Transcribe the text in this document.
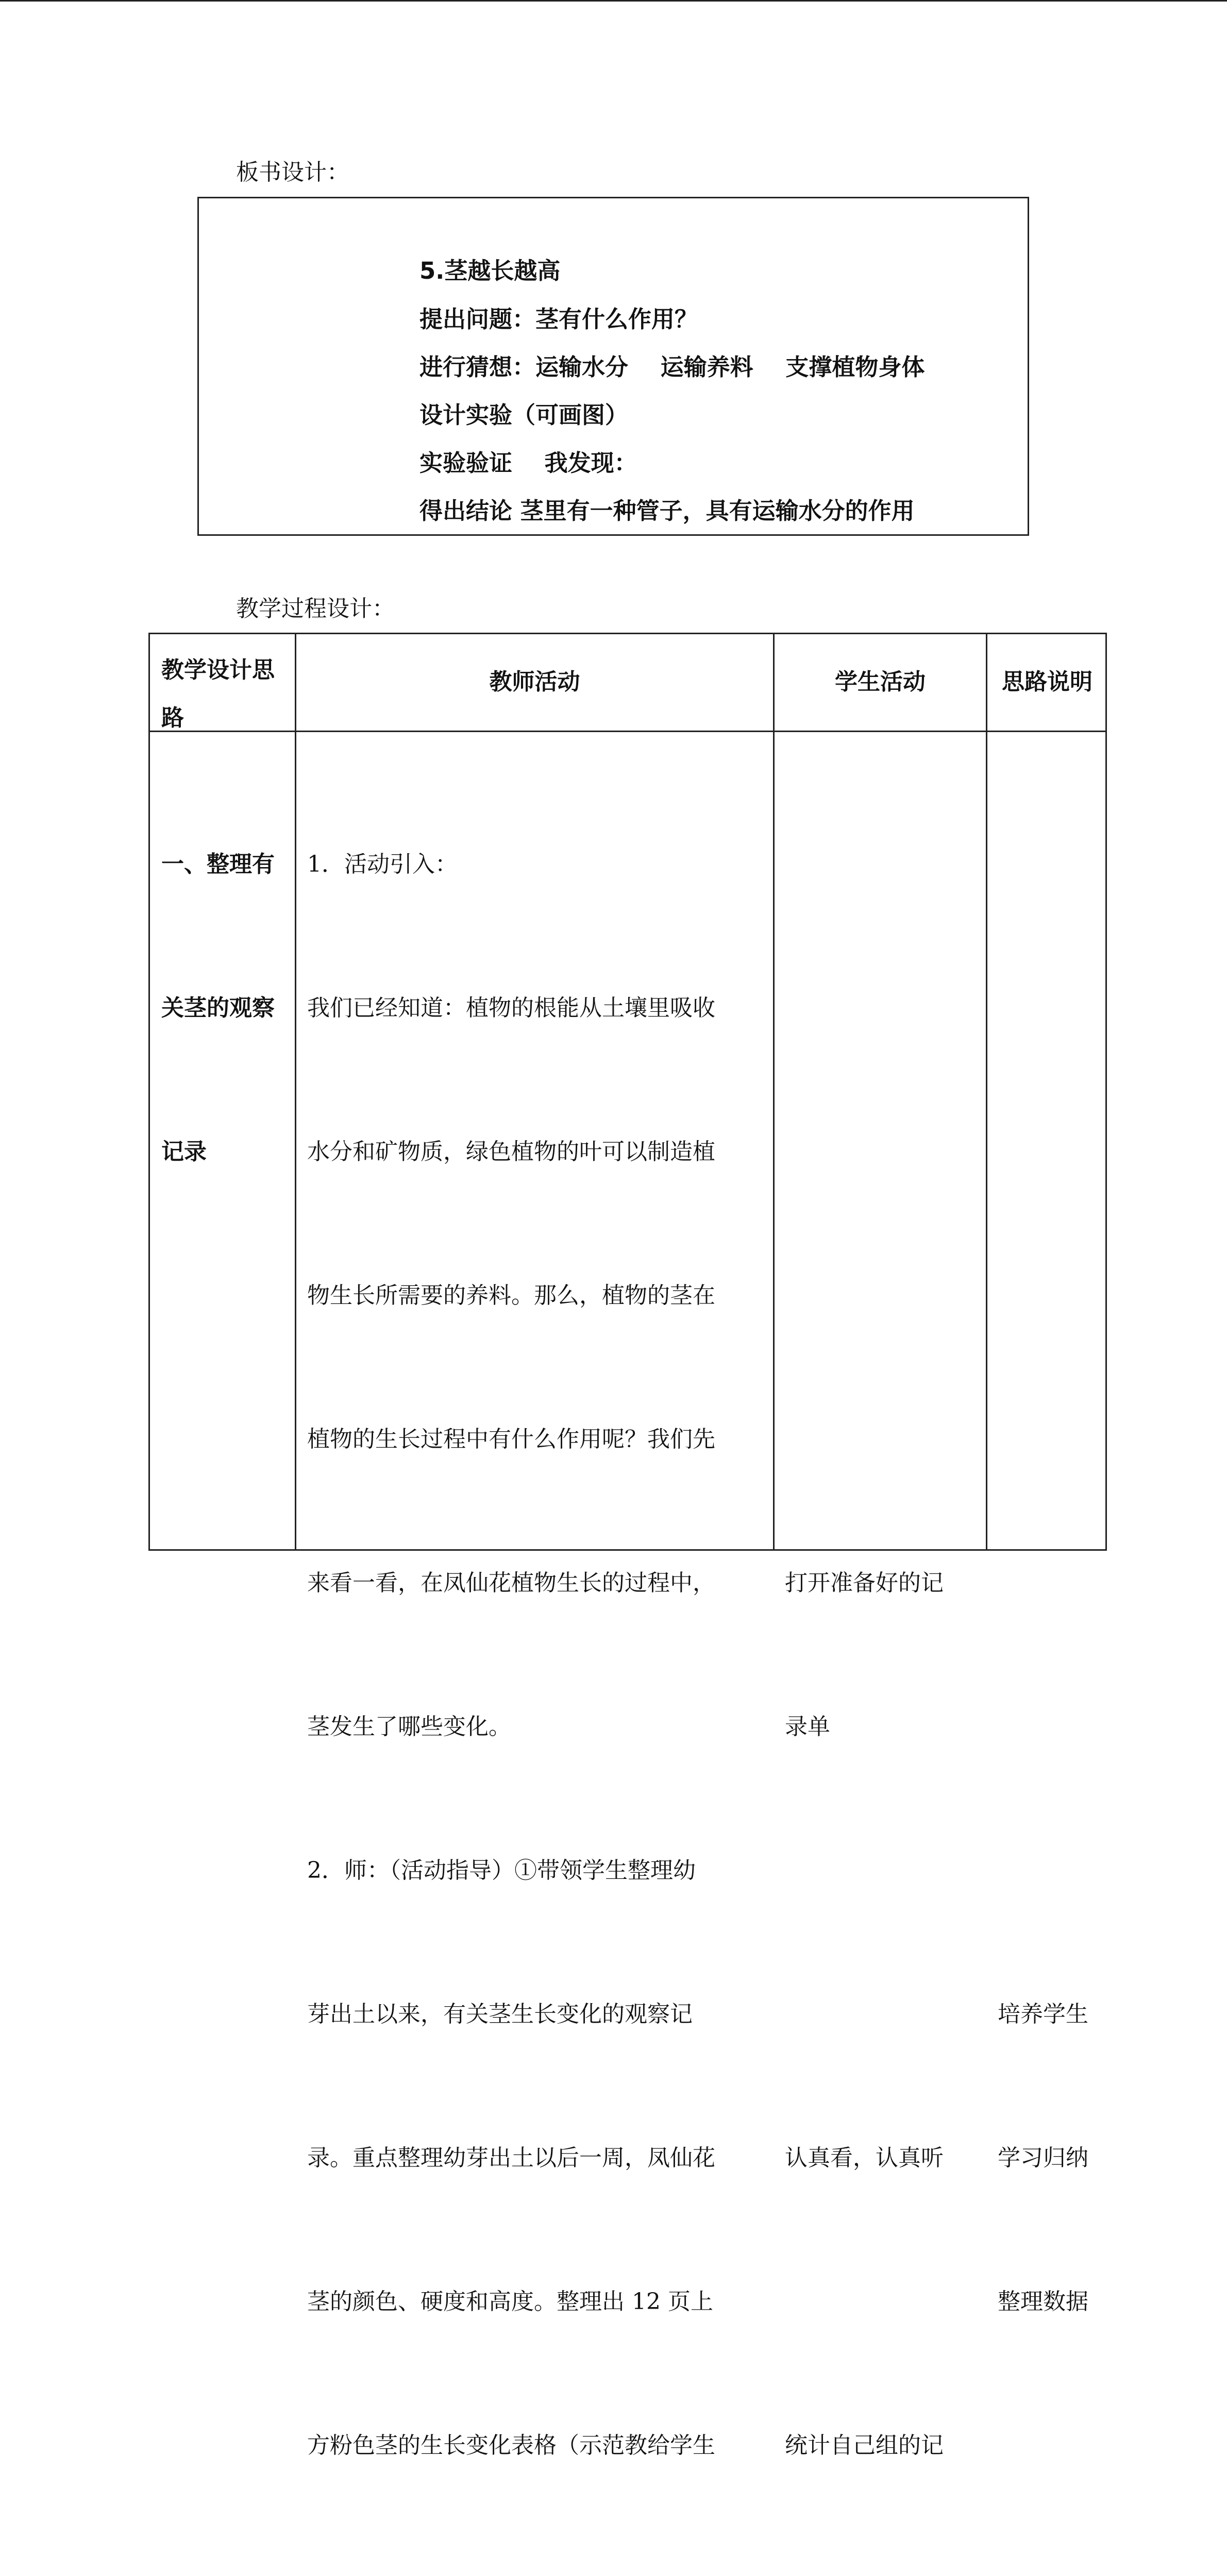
板书设计：
5.茎越长越高
提出问题：茎有什么作用？
进行猜想：运输水分    运输养料    支撑植物身体
设计实验（可画图）
实验验证    我发现：
得出结论 茎里有一种管子，具有运输水分的作用
教学过程设计：
教学设计思
路
教师活动	学生活动	思路说明

一、整理有

关茎的观察

记录

1．活动引入：

我们已经知道：植物的根能从土壤里吸收

水分和矿物质，绿色植物的叶可以制造植

物生长所需要的养料。那么，植物的茎在

植物的生长过程中有什么作用呢？我们先

来看一看，在凤仙花植物生长的过程中，

茎发生了哪些变化。

2．师：（活动指导）①带领学生整理幼

芽出土以来，有关茎生长变化的观察记

录。重点整理幼芽出土以后一周，凤仙花

茎的颜色、硬度和高度。整理出 12 页上

方粉色茎的生长变化表格（示范教给学生

打开准备好的记

录单

认真看，认真听

统计自己组的记

培养学生

学习归纳

整理数据
